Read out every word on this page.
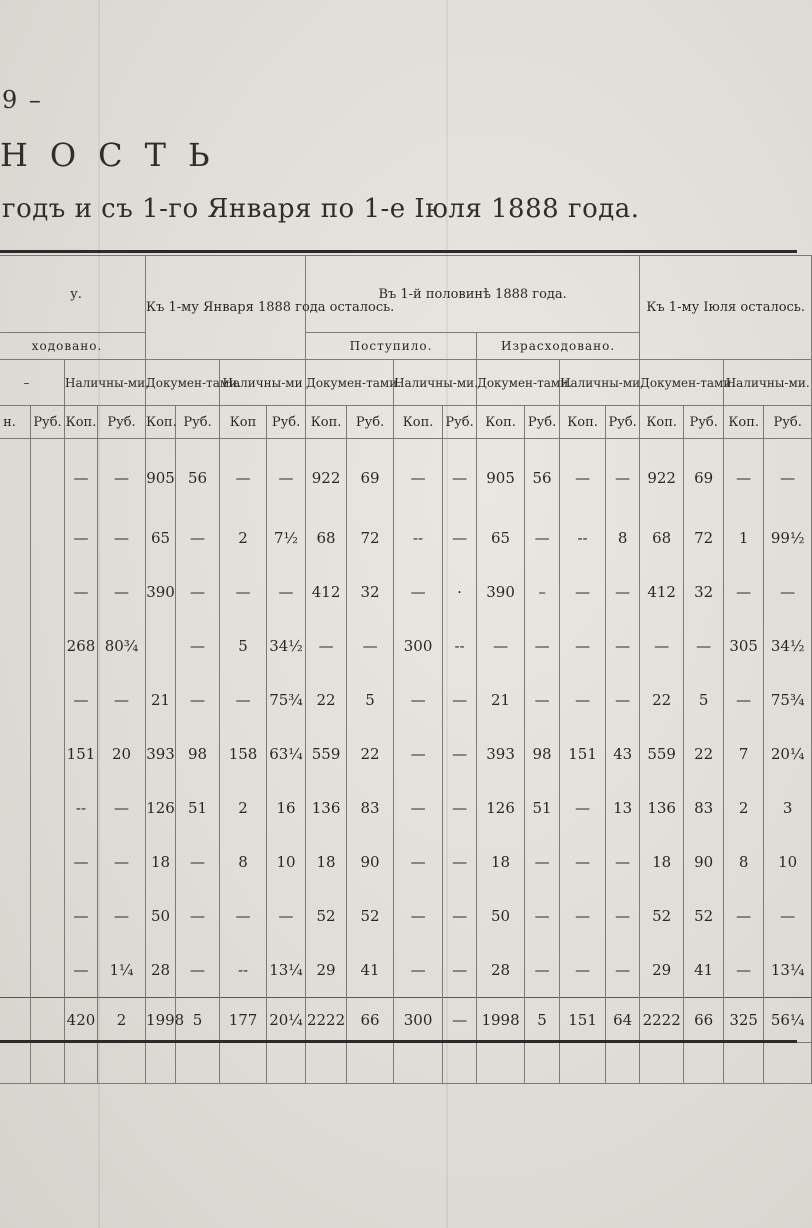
9 –
НОСТЬ
годъ и съ 1-го Января по 1-е Іюля 1888 года.
у.				Къ 1-му Января 1888 года осталось.				Въ 1-й половинѣ 1888 года.								Къ 1-му Іюля осталось.			
ходовано.								Поступило.				Израсходовано.							
–		Наличны-ми.		Докумен-тами.		Наличны-ми		Докумен-тами.		Наличны-ми.		Докумен-тами.		Наличны-ми.		Докумен-тами.		Наличны-ми.	
н.	Руб.	Коп.	Руб.	Коп.	Руб.	Коп	Руб.	Коп.	Руб.	Коп.	Руб.	Коп.	Руб.	Коп.	Руб.	Коп.	Руб.	Коп.	Руб.
		—	—	905	56	—	—	922	69	—	—	905	56	—	—	922	69	—	—
		—	—	65	—	2	7½	68	72	--	—	65	—	--	8	68	72	1	99½
		—	—	390	—	—	—	412	32	—	·	390	–	—	—	412	32	—	—
		268	80¾		—	5	34½	—	—	300	--	—	—	—	—	—	—	305	34½
		—	—	21	—	—	75¾	22	5	—	—	21	—	—	—	22	5	—	75¾
		151	20	393	98	158	63¼	559	22	—	—	393	98	151	43	559	22	7	20¼
		--	—	126	51	2	16	136	83	—	—	126	51	—	13	136	83	2	3
		—	—	18	—	8	10	18	90	—	—	18	—	—	—	18	90	8	10
		—	—	50	—	—	—	52	52	—	—	50	—	—	—	52	52	—	—
		—	1¼	28	—	--	13¼	29	41	—	—	28	—	—	—	29	41	—	13¼
		420	2	1998	5	177	20¼	2222	66	300	—	1998	5	151	64	2222	66	325	56¼
